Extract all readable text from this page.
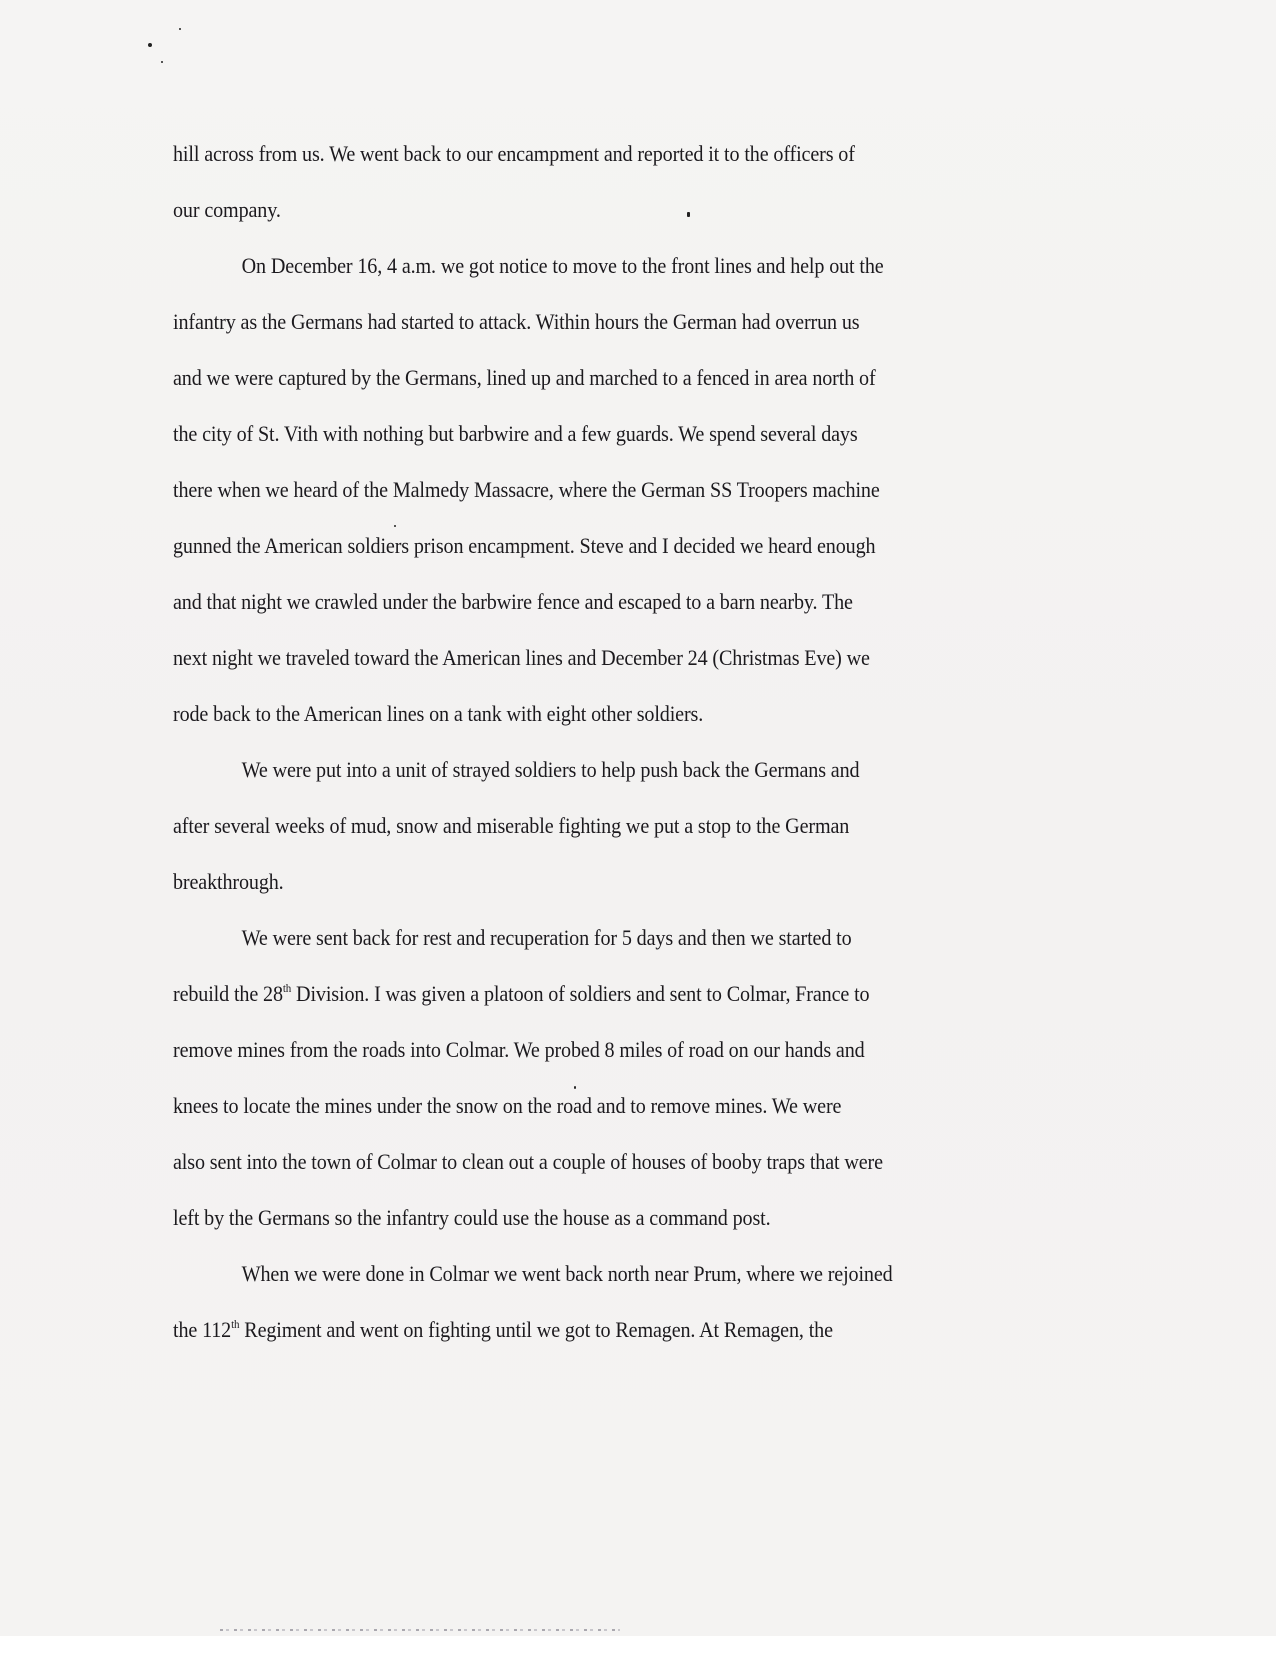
hill across from us. We went back to our encampment and reported it to the officers of
our company.
On December 16, 4 a.m. we got notice to move to the front lines and help out the
infantry as the Germans had started to attack. Within hours the German had overrun us
and we were captured by the Germans, lined up and marched to a fenced in area north of
the city of St. Vith with nothing but barbwire and a few guards. We spend several days
there when we heard of the Malmedy Massacre, where the German SS Troopers machine
gunned the American soldiers prison encampment. Steve and I decided we heard enough
and that night we crawled under the barbwire fence and escaped to a barn nearby. The
next night we traveled toward the American lines and December 24 (Christmas Eve) we
rode back to the American lines on a tank with eight other soldiers.
We were put into a unit of strayed soldiers to help push back the Germans and
after several weeks of mud, snow and miserable fighting we put a stop to the German
breakthrough.
We were sent back for rest and recuperation for 5 days and then we started to
rebuild the 28th Division. I was given a platoon of soldiers and sent to Colmar, France to
remove mines from the roads into Colmar. We probed 8 miles of road on our hands and
knees to locate the mines under the snow on the road and to remove mines. We were
also sent into the town of Colmar to clean out a couple of houses of booby traps that were
left by the Germans so the infantry could use the house as a command post.
When we were done in Colmar we went back north near Prum, where we rejoined
the 112th Regiment and went on fighting until we got to Remagen. At Remagen, the
